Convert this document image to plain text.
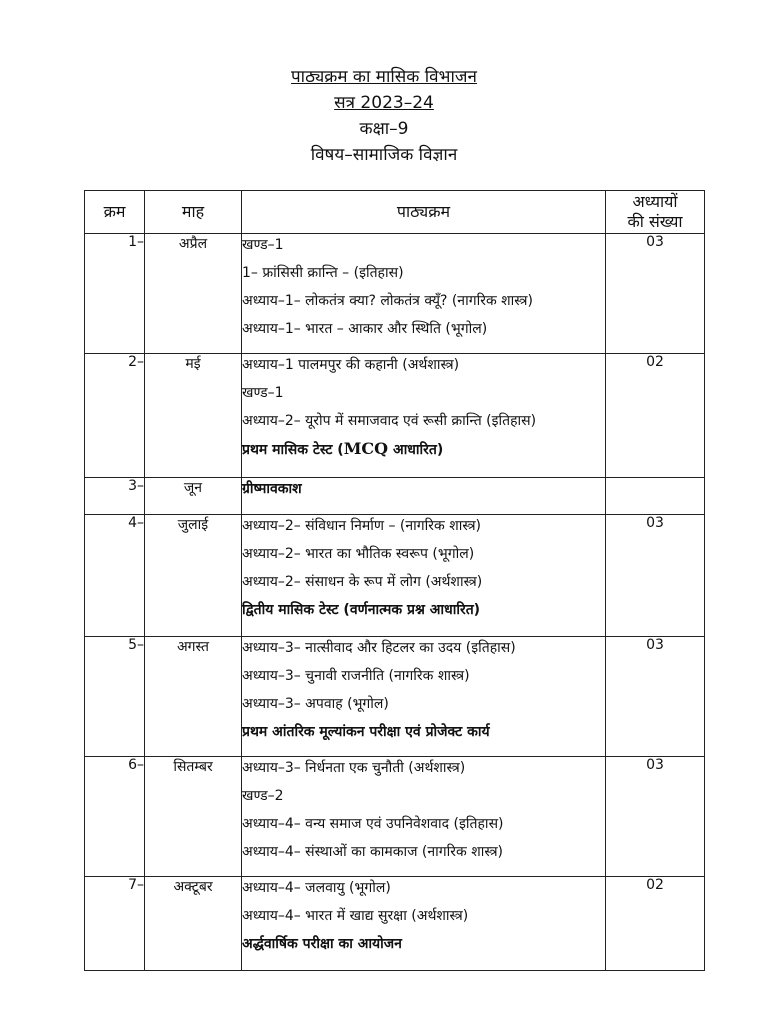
पाठ्यक्रम का मासिक विभाजन
सत्र 2023–24
कक्षा–9
विषय–सामाजिक विज्ञान
क्रम	माह	पाठ्यक्रम	अध्यायों
की संख्या

1–	अप्रैल	खण्ड–1
1– फ्रांसिसी क्रान्ति – (इतिहास)
अध्याय–1– लोकतंत्र क्या? लोकतंत्र क्यूँ? (नागरिक शास्त्र)
अध्याय–1– भारत – आकार और स्थिति (भूगोल)	03
2–	मई	अध्याय–1 पालमपुर की कहानी (अर्थशास्त्र)
खण्ड–1
अध्याय–2– यूरोप में समाजवाद एवं रूसी क्रान्ति (इतिहास)
प्रथम मासिक टेस्ट (MCQ आधारित)	02
3–	जून	ग्रीष्मावकाश	

4–	जुलाई	अध्याय–2– संविधान निर्माण – (नागरिक शास्त्र)
अध्याय–2– भारत का भौतिक स्वरूप (भूगोल)
अध्याय–2– संसाधन के रूप में लोग (अर्थशास्त्र)
द्वितीय मासिक टेस्ट (वर्णनात्मक प्रश्न आधारित)	03
5–	अगस्त	अध्याय–3– नात्सीवाद और हिटलर का उदय (इतिहास)
अध्याय–3– चुनावी राजनीति (नागरिक शास्त्र)
अध्याय–3– अपवाह (भूगोल)
प्रथम आंतरिक मूल्यांकन परीक्षा एवं प्रोजेक्ट कार्य	03
6–	सितम्बर	अध्याय–3– निर्धनता एक चुनौती (अर्थशास्त्र)
खण्ड–2
अध्याय–4– वन्य समाज एवं उपनिवेशवाद (इतिहास)
अध्याय–4– संस्थाओं का कामकाज (नागरिक शास्त्र)	03
7–	अक्टूबर	अध्याय–4– जलवायु (भूगोल)
अध्याय–4– भारत में खाद्य सुरक्षा (अर्थशास्त्र)
अर्द्धवार्षिक परीक्षा का आयोजन	02
